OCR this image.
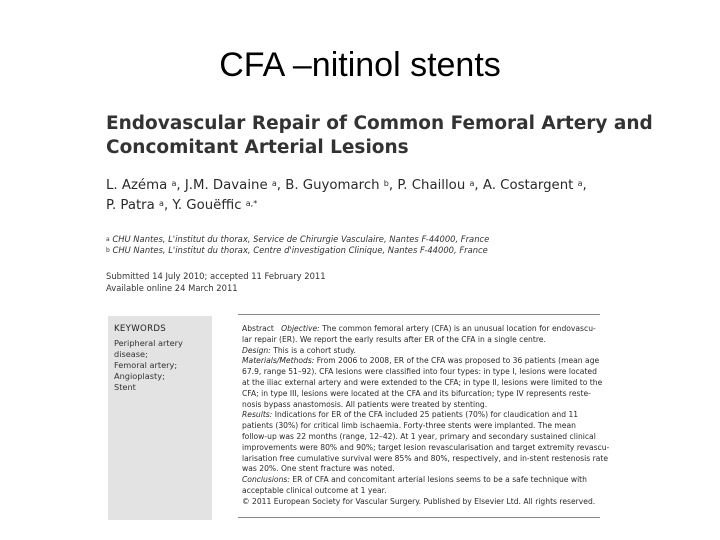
CFA –nitinol stents
Endovascular Repair of Common Femoral Artery and
Concomitant Arterial Lesions
L. Azéma $^a$, J.M. Davaine $^a$, B. Guyomarch $^b$, P. Chaillou $^a$, A. Costargent $^a$,
P. Patra $^a$, Y. Gouëffic $^{a,*}$
$^a$ CHU Nantes, L'institut du thorax, Service de Chirurgie Vasculaire, Nantes F-44000, France
$^b$ CHU Nantes, L'institut du thorax, Centre d'investigation Clinique, Nantes F-44000, France
Submitted 14 July 2010; accepted 11 February 2011
Available online 24 March 2011
KEYWORDS
Peripheral artery
disease;
Femoral artery;
Angioplasty;
Stent
Abstract Objective: The common femoral artery (CFA) is an unusual location for endovascu-
lar repair (ER). We report the early results after ER of the CFA in a single centre.
Design: This is a cohort study.
Materials/Methods: From 2006 to 2008, ER of the CFA was proposed to 36 patients (mean age
67.9, range 51–92). CFA lesions were classified into four types: in type I, lesions were located
at the iliac external artery and were extended to the CFA; in type II, lesions were limited to the
CFA; in type III, lesions were located at the CFA and its bifurcation; type IV represents reste-
nosis bypass anastomosis. All patients were treated by stenting.
Results: Indications for ER of the CFA included 25 patients (70%) for claudication and 11
patients (30%) for critical limb ischaemia. Forty-three stents were implanted. The mean
follow-up was 22 months (range, 12–42). At 1 year, primary and secondary sustained clinical
improvements were 80% and 90%; target lesion revascularisation and target extremity revascu-
larisation free cumulative survival were 85% and 80%, respectively, and in-stent restenosis rate
was 20%. One stent fracture was noted.
Conclusions: ER of CFA and concomitant arterial lesions seems to be a safe technique with
acceptable clinical outcome at 1 year.
© 2011 European Society for Vascular Surgery. Published by Elsevier Ltd. All rights reserved.
